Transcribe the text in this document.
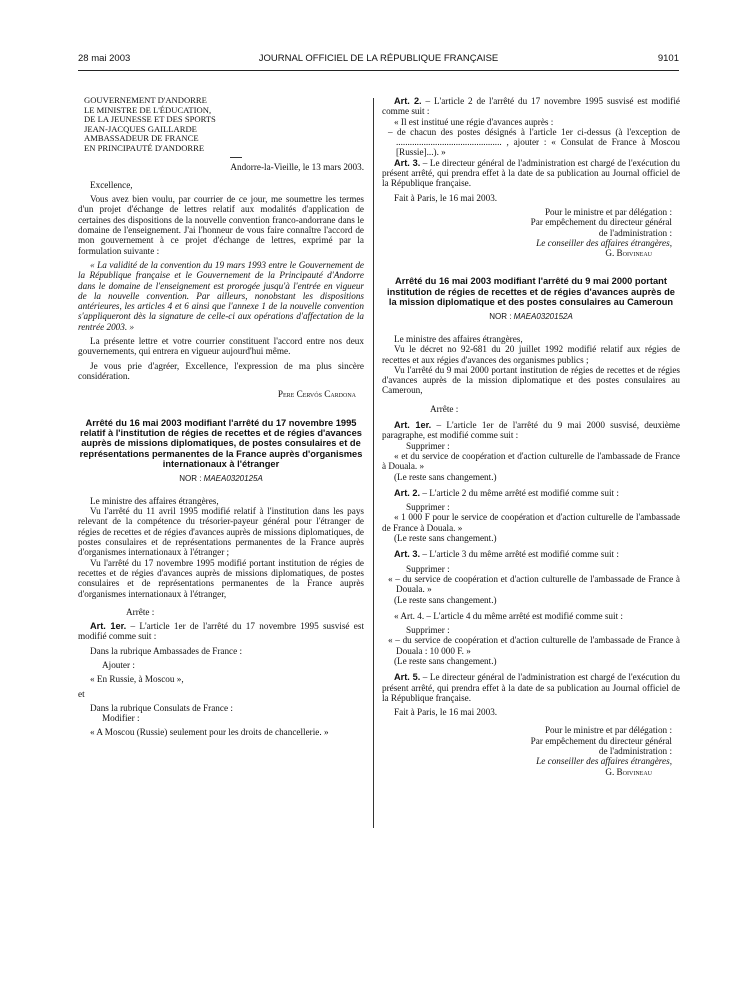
28 mai 2003	JOURNAL OFFICIEL DE LA RÉPUBLIQUE FRANÇAISE	9101

GOUVERNEMENT D'ANDORRE

LE MINISTRE DE L'ÉDUCATION,

DE LA JEUNESSE ET DES SPORTS

JEAN-JACQUES GAILLARDE

AMBASSADEUR DE FRANCE

EN PRINCIPAUTÉ D'ANDORRE

Andorre-la-Vieille, le 13 mars 2003.

Excellence,

Vous avez bien voulu, par courrier de ce jour, me soumettre les termes d'un projet d'échange de lettres relatif aux modalités d'application de certaines des dispositions de la nouvelle convention franco-andorrane dans le domaine de l'enseignement. J'ai l'honneur de vous faire connaître l'accord de mon gouvernement à ce projet d'échange de lettres, exprimé par la formulation suivante :

« La validité de la convention du 19 mars 1993 entre le Gouvernement de la République française et le Gouvernement de la Principauté d'Andorre dans le domaine de l'enseignement est prorogée jusqu'à l'entrée en vigueur de la nouvelle convention. Par ailleurs, nonobstant les dispositions antérieures, les articles 4 et 6 ainsi que l'annexe 1 de la nouvelle convention s'appliqueront dès la signature de celle-ci aux opérations d'affectation de la rentrée 2003. »

La présente lettre et votre courrier constituent l'accord entre nos deux gouvernements, qui entrera en vigueur aujourd'hui même.

Je vous prie d'agréer, Excellence, l'expression de ma plus sincère considération.

Pere Cervós Cardona

Arrêté du 16 mai 2003 modifiant l'arrêté du 17 novembre 1995 relatif à l'institution de régies de recettes et de régies d'avances auprès de missions diplomatiques, de postes consulaires et de représentations permanentes de la France auprès d'organismes internationaux à l'étranger

NOR : MAEA0320125A

Le ministre des affaires étrangères,

Vu l'arrêté du 11 avril 1995 modifié relatif à l'institution dans les pays relevant de la compétence du trésorier-payeur général pour l'étranger de régies de recettes et de régies d'avances auprès de missions diplomatiques, de postes consulaires et de représentations permanentes de la France auprès d'organismes internationaux à l'étranger ;

Vu l'arrêté du 17 novembre 1995 modifié portant institution de régies de recettes et de régies d'avances auprès de missions diplomatiques, de postes consulaires et de représentations permanentes de la France auprès d'organismes internationaux à l'étranger,

Arrête :

Art. 1er. – L'article 1er de l'arrêté du 17 novembre 1995 susvisé est modifié comme suit :

Dans la rubrique Ambassades de France :

Ajouter :

« En Russie, à Moscou »,

et

Dans la rubrique Consulats de France :

Modifier :

« A Moscou (Russie) seulement pour les droits de chancellerie. »

Art. 2. – L'article 2 de l'arrêté du 17 novembre 1995 susvisé est modifié comme suit :

« Il est institué une régie d'avances auprès :

– de chacun des postes désignés à l'article 1er ci-dessus (à l'exception de .............................................. , ajouter : « Consulat de France à Moscou [Russie]...). »

Art. 3. – Le directeur général de l'administration est chargé de l'exécution du présent arrêté, qui prendra effet à la date de sa publication au Journal officiel de la République française.

Fait à Paris, le 16 mai 2003.

Pour le ministre et par délégation :

Par empêchement du directeur général

de l'administration :

Le conseiller des affaires étrangères,

G. Boivineau

Arrêté du 16 mai 2003 modifiant l'arrêté du 9 mai 2000 portant institution de régies de recettes et de régies d'avances auprès de la mission diplomatique et des postes consulaires au Cameroun

NOR : MAEA0320152A

Le ministre des affaires étrangères,

Vu le décret no 92-681 du 20 juillet 1992 modifié relatif aux régies de recettes et aux régies d'avances des organismes publics ;

Vu l'arrêté du 9 mai 2000 portant institution de régies de recettes et de régies d'avances auprès de la mission diplomatique et des postes consulaires au Cameroun,

Arrête :

Art. 1er. – L'article 1er de l'arrêté du 9 mai 2000 susvisé, deuxième paragraphe, est modifié comme suit :

Supprimer :

« et du service de coopération et d'action culturelle de l'ambassade de France à Douala. »

(Le reste sans changement.)

Art. 2. – L'article 2 du même arrêté est modifié comme suit :

Supprimer :

« 1 000 F pour le service de coopération et d'action culturelle de l'ambassade de France à Douala. »

(Le reste sans changement.)

Art. 3. – L'article 3 du même arrêté est modifié comme suit :

Supprimer :

« – du service de coopération et d'action culturelle de l'ambassade de France à Douala. »

(Le reste sans changement.)

« Art. 4. – L'article 4 du même arrêté est modifié comme suit :

Supprimer :

« – du service de coopération et d'action culturelle de l'ambassade de France à Douala : 10 000 F. »

(Le reste sans changement.)

Art. 5. – Le directeur général de l'administration est chargé de l'exécution du présent arrêté, qui prendra effet à la date de sa publication au Journal officiel de la République française.

Fait à Paris, le 16 mai 2003.

Pour le ministre et par délégation :

Par empêchement du directeur général

de l'administration :

Le conseiller des affaires étrangères,

G. Boivineau
